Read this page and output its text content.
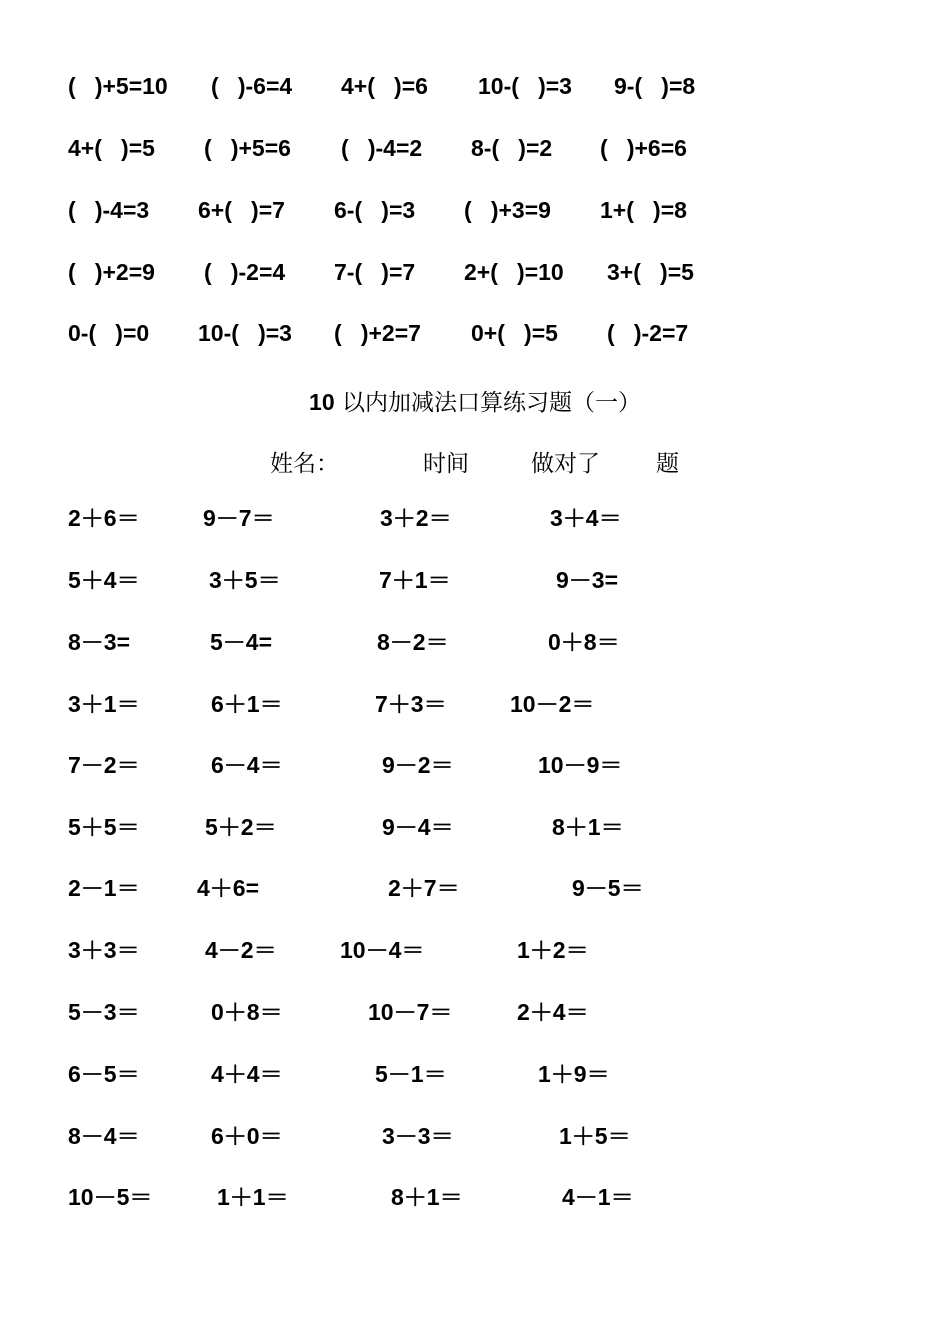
(   )+5=10 (   )-6=4 4+(   )=6 10-(   )=3 9-(   )=8
4+(   )=5 (   )+5=6 (   )-4=2 8-(   )=2 (   )+6=6
(   )-4=3 6+(   )=7 6-(   )=3 (   )+3=9 1+(   )=8
(   )+2=9 (   )-2=4 7-(   )=7 2+(   )=10 3+(   )=5
0-(   )=0 10-(   )=3 (   )+2=7 0+(   )=5 (   )-2=7
10 以内加减法口算练习题（一）
姓名：	时间	做对了 题
2＋6＝	9－7＝	3＋2＝	3＋4＝
5＋4＝	3＋5＝	7＋1＝	9－3=
8－3=	5－4=	8－2＝	0＋8＝
3＋1＝	6＋1＝	7＋3＝	10－2＝
7－2＝	6－4＝	9－2＝	10－9＝
5＋5＝	5＋2＝	9－4＝	8＋1＝
2－1＝ 4＋6=	2＋7＝	9－5＝
3＋3＝	4－2＝	10－4＝	1＋2＝
5－3＝	0＋8＝	10－7＝	2＋4＝
6－5＝	4＋4＝	5－1＝	1＋9＝
8－4＝	6＋0＝	3－3＝	1＋5＝
10－5＝	1＋1＝	8＋1＝	4－1＝
